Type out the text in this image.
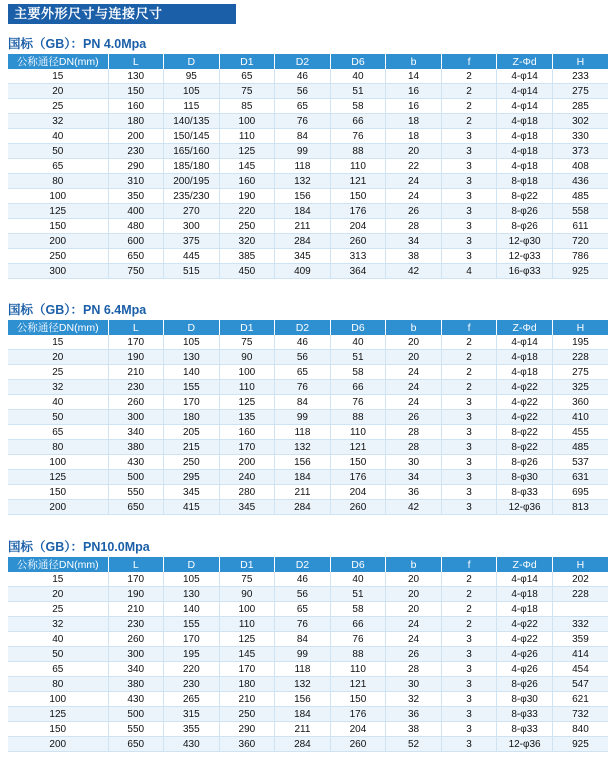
主要外形尺寸与连接尺寸
国标（GB）：PN 4.0Mpa
公称通径DN(mm)	L	D	D1	D2	D6	b	f	Z-Φd	H
15	130	95	65	46	40	14	2	4-φ14	233
20	150	105	75	56	51	16	2	4-φ14	275
25	160	115	85	65	58	16	2	4-φ14	285
32	180	140/135	100	76	66	18	2	4-φ18	302
40	200	150/145	110	84	76	18	3	4-φ18	330
50	230	165/160	125	99	88	20	3	4-φ18	373
65	290	185/180	145	118	110	22	3	4-φ18	408
80	310	200/195	160	132	121	24	3	8-φ18	436
100	350	235/230	190	156	150	24	3	8-φ22	485
125	400	270	220	184	176	26	3	8-φ26	558
150	480	300	250	211	204	28	3	8-φ26	611
200	600	375	320	284	260	34	3	12-φ30	720
250	650	445	385	345	313	38	3	12-φ33	786
300	750	515	450	409	364	42	4	16-φ33	925
国标（GB）：PN 6.4Mpa
公称通径DN(mm)	L	D	D1	D2	D6	b	f	Z-Φd	H
15	170	105	75	46	40	20	2	4-φ14	195
20	190	130	90	56	51	20	2	4-φ18	228
25	210	140	100	65	58	24	2	4-φ18	275
32	230	155	110	76	66	24	2	4-φ22	325
40	260	170	125	84	76	24	3	4-φ22	360
50	300	180	135	99	88	26	3	4-φ22	410
65	340	205	160	118	110	28	3	8-φ22	455
80	380	215	170	132	121	28	3	8-φ22	485
100	430	250	200	156	150	30	3	8-φ26	537
125	500	295	240	184	176	34	3	8-φ30	631
150	550	345	280	211	204	36	3	8-φ33	695
200	650	415	345	284	260	42	3	12-φ36	813
国标（GB）：PN10.0Mpa
公称通径DN(mm)	L	D	D1	D2	D6	b	f	Z-Φd	H
15	170	105	75	46	40	20	2	4-φ14	202
20	190	130	90	56	51	20	2	4-φ18	228
25	210	140	100	65	58	20	2	4-φ18	
32	230	155	110	76	66	24	2	4-φ22	332
40	260	170	125	84	76	24	3	4-φ22	359
50	300	195	145	99	88	26	3	4-φ26	414
65	340	220	170	118	110	28	3	4-φ26	454
80	380	230	180	132	121	30	3	8-φ26	547
100	430	265	210	156	150	32	3	8-φ30	621
125	500	315	250	184	176	36	3	8-φ33	732
150	550	355	290	211	204	38	3	8-φ33	840
200	650	430	360	284	260	52	3	12-φ36	925
